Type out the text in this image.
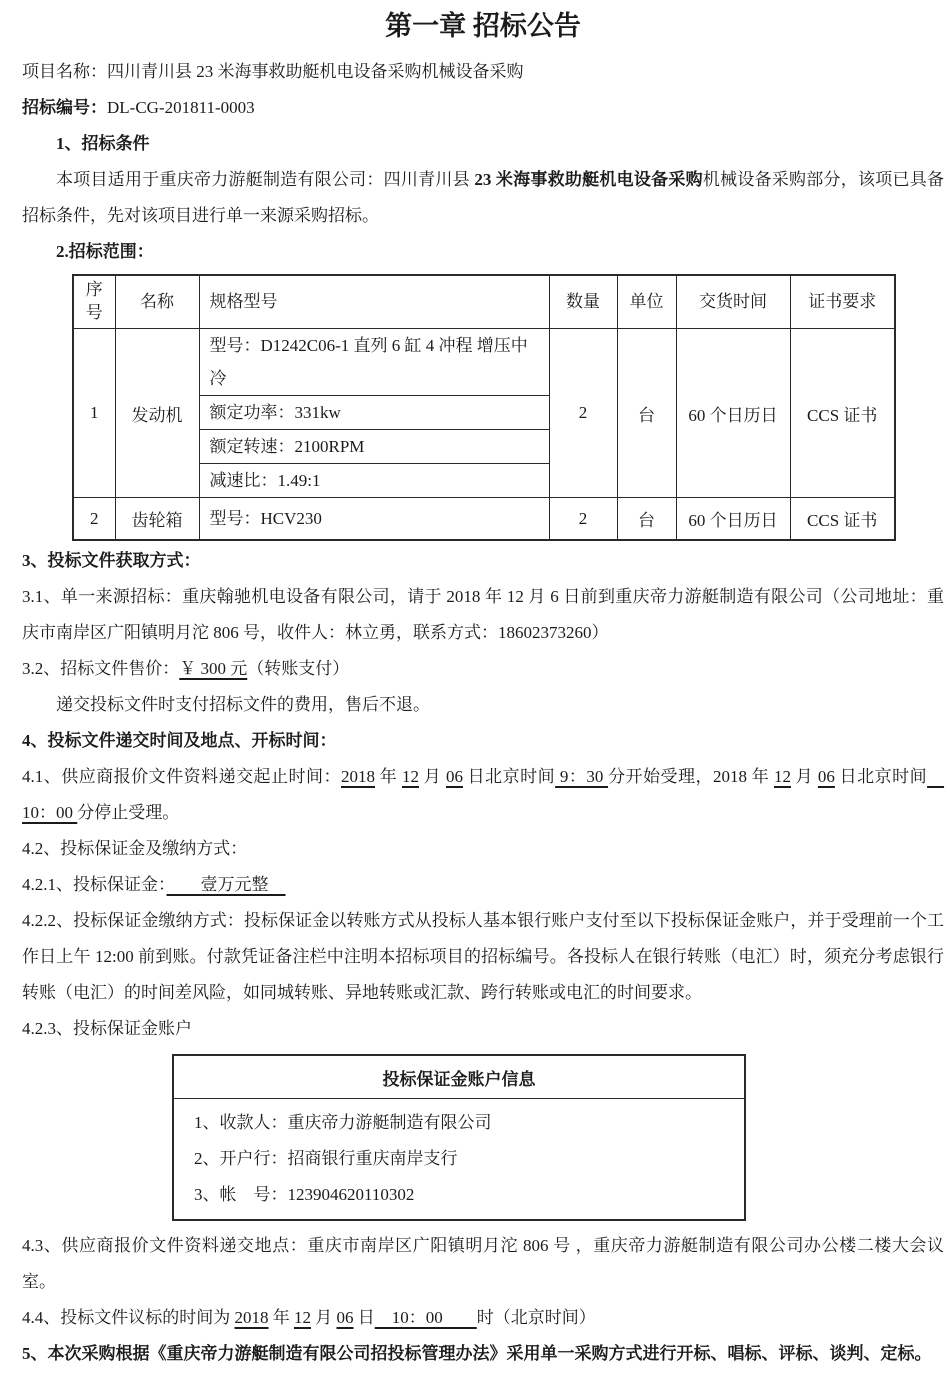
第一章 招标公告

项目名称：四川青川县 23 米海事救助艇机电设备采购机械设备采购

招标编号：DL-CG-201811-0003

1、招标条件

本项目适用于重庆帝力游艇制造有限公司：四川青川县 23 米海事救助艇机电设备采购机械设备采购部分，该项已具备招标条件，先对该项目进行单一来源采购招标。

2.招标范围：

序号	名称	规格型号	数量	单位	交货时间	证书要求
1	发动机	型号：D1242C06-1 直列 6 缸 4 冲程 增压中冷	2	台	60 个日历日	CCS 证书
		额定功率：331kw				
		额定转速：2100RPM				
		减速比：1.49:1				
2	齿轮箱	型号：HCV230	2	台	60 个日历日	CCS 证书

3、投标文件获取方式：

3.1、单一来源招标：重庆翰驰机电设备有限公司，请于 2018 年 12 月 6 日前到重庆帝力游艇制造有限公司（公司地址：重庆市南岸区广阳镇明月沱 806 号，收件人：林立勇，联系方式：18602373260）

3.2、招标文件售价：￥ 300 元（转账支付）

递交投标文件时支付招标文件的费用，售后不退。

4、投标文件递交时间及地点、开标时间：

4.1、供应商报价文件资料递交起止时间：2018 年 12 月 06 日北京时间 9：30 分开始受理，2018 年 12 月 06 日北京时间　10：00 分停止受理。

4.2、投标保证金及缴纳方式：

4.2.1、投标保证金：　　壹万元整　

4.2.2、投标保证金缴纳方式：投标保证金以转账方式从投标人基本银行账户支付至以下投标保证金账户，并于受理前一个工作日上午 12:00 前到账。付款凭证备注栏中注明本招标项目的招标编号。各投标人在银行转账（电汇）时，须充分考虑银行转账（电汇）的时间差风险，如同城转账、异地转账或汇款、跨行转账或电汇的时间要求。

4.2.3、投标保证金账户

投标保证金账户信息

1、收款人：重庆帝力游艇制造有限公司
2、开户行：招商银行重庆南岸支行
3、帐　号：123904620110302

4.3、供应商报价文件资料递交地点：重庆市南岸区广阳镇明月沱 806 号 ，重庆帝力游艇制造有限公司办公楼二楼大会议室。

4.4、投标文件议标的时间为 2018 年 12 月 06 日　10：00　　时（北京时间）

5、本次采购根据《重庆帝力游艇制造有限公司招投标管理办法》采用单一采购方式进行开标、唱标、评标、谈判、定标。
